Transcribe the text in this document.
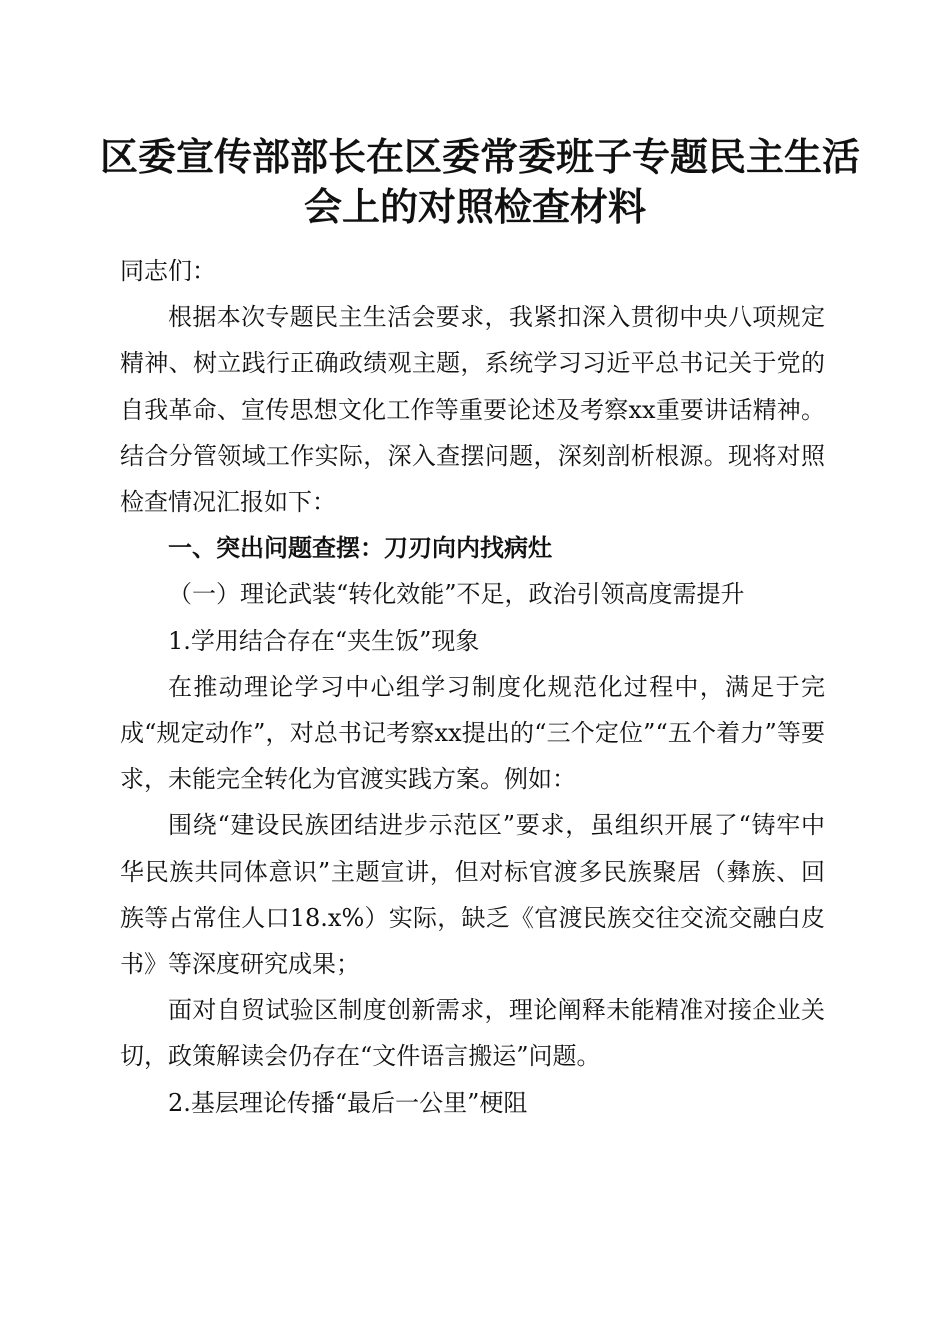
区委宣传部部长在区委常委班子专题民主生活
会上的对照检查材料

同志们：

根据本次专题民主生活会要求，我紧扣深入贯彻中央八项规定精神、树立践行正确政绩观主题，系统学习习近平总书记关于党的自我革命、宣传思想文化工作等重要论述及考察xx重要讲话精神。结合分管领域工作实际，深入查摆问题，深刻剖析根源。现将对照检查情况汇报如下：

一、突出问题查摆：刀刃向内找病灶

（一）理论武装“转化效能”不足，政治引领高度需提升

1.学用结合存在“夹生饭”现象

在推动理论学习中心组学习制度化规范化过程中，满足于完成“规定动作”，对总书记考察xx提出的“三个定位”“五个着力”等要求，未能完全转化为官渡实践方案。例如：

围绕“建设民族团结进步示范区”要求，虽组织开展了“铸牢中华民族共同体意识”主题宣讲，但对标官渡多民族聚居（彝族、回族等占常住人口18.x%）实际，缺乏《官渡民族交往交流交融白皮书》等深度研究成果；

面对自贸试验区制度创新需求，理论阐释未能精准对接企业关切，政策解读会仍存在“文件语言搬运”问题。

2.基层理论传播“最后一公里”梗阻
